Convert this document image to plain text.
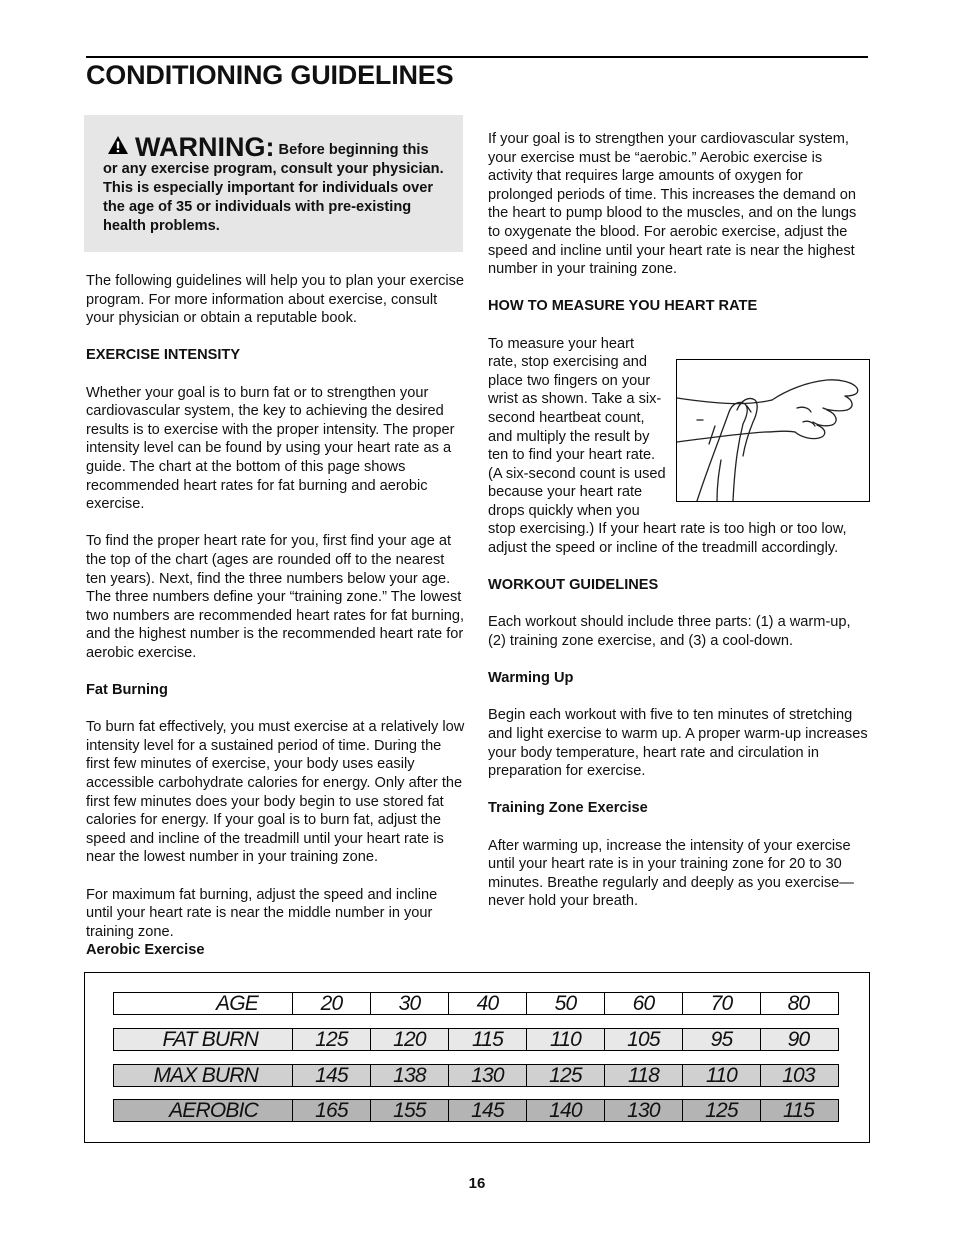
CONDITIONING GUIDELINES
WARNING: Before beginning this or any exercise program, consult your physician. This is especially important for individuals over the age of 35 or individuals with pre-existing health problems.

The following guidelines will help you to plan your exercise program. For more information about exercise, consult your physician or obtain a reputable book.

EXERCISE INTENSITY

Whether your goal is to burn fat or to strengthen your cardiovascular system, the key to achieving the desired results is to exercise with the proper intensity. The proper intensity level can be found by using your heart rate as a guide. The chart at the bottom of this page shows recommended heart rates for fat burning and aerobic exercise.

To find the proper heart rate for you, first find your age at the top of the chart (ages are rounded off to the nearest ten years). Next, find the three numbers below your age. The three numbers define your “training zone.” The lowest two numbers are recommended heart rates for fat burning, and the highest number is the recommended heart rate for aerobic exercise.

Fat Burning

To burn fat effectively, you must exercise at a relatively low intensity level for a sustained period of time. During the first few minutes of exercise, your body uses easily accessible carbohydrate calories for energy. Only after the first few minutes does your body begin to use stored fat calories for energy. If your goal is to burn fat, adjust the speed and incline of the treadmill until your heart rate is near the lowest number in your training zone.

For maximum fat burning, adjust the speed and incline until your heart rate is near the middle number in your training zone.

Aerobic Exercise

If your goal is to strengthen your cardiovascular system, your exercise must be “aerobic.” Aerobic exercise is activity that requires large amounts of oxygen for prolonged periods of time. This increases the demand on the heart to pump blood to the muscles, and on the lungs to oxygenate the blood. For aerobic exercise, adjust the speed and incline until your heart rate is near the highest number in your training zone.

HOW TO MEASURE YOU HEART RATE

To measure your heart rate, stop exercising and place two fingers on your wrist as shown. Take a six-second heartbeat count, and multiply the result by ten to find your heart rate. (A six-second count is used because your heart rate drops quickly when you stop exercising.) If your heart rate is too high or too low, adjust the speed or incline of the treadmill accordingly.

WORKOUT GUIDELINES

Each workout should include three parts: (1) a warm-up, (2) training zone exercise, and (3) a cool-down.

Warming Up

Begin each workout with five to ten minutes of stretching and light exercise to warm up. A proper warm-up increases your body temperature, heart rate and circulation in preparation for exercise.

Training Zone Exercise

After warming up, increase the intensity of your exercise until your heart rate is in your training zone for 20 to 30 minutes. Breathe regularly and deeply as you exercise—never hold your breath.

AGE	20	30	40	50	60	70	80
FAT BURN	125	120	115	110	105	95	90
MAX BURN	145	138	130	125	118	110	103
AEROBIC	165	155	145	140	130	125	115
16
